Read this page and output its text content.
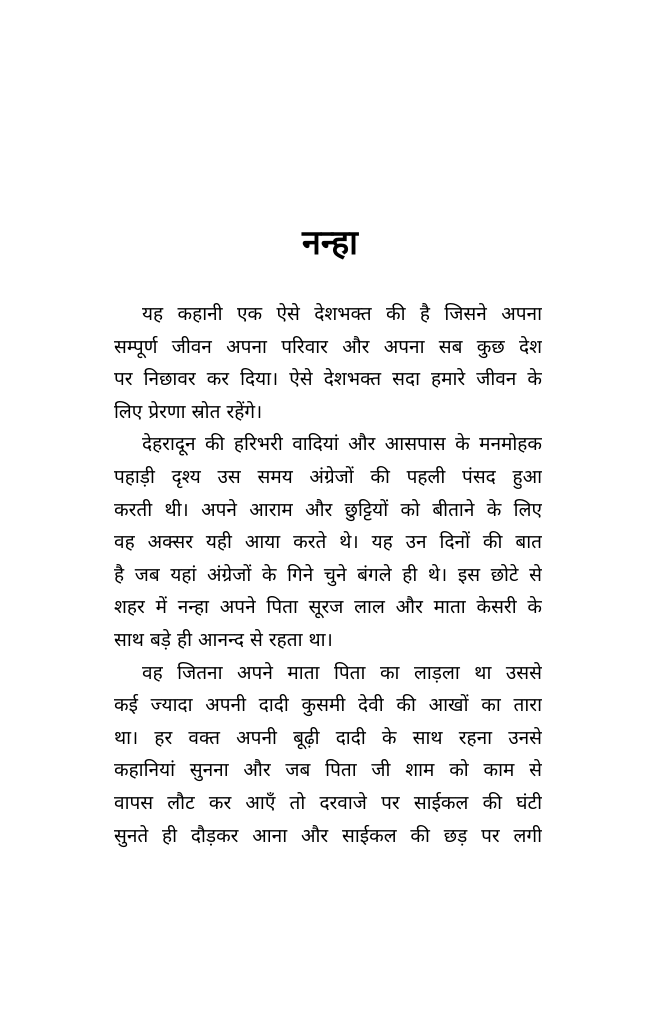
नन्हा
यह कहानी एक ऐसे देशभक्त की है जिसने अपना
सम्पूर्ण जीवन अपना परिवार और अपना सब कुछ देश
पर निछावर कर दिया। ऐसे देशभक्त सदा हमारे जीवन के
लिए प्रेरणा स्रोत रहेंगे।
देहरादून की हरिभरी वादियां और आसपास के मनमोहक
पहाड़ी दृश्य उस समय अंग्रेजों की पहली पंसद हुआ
करती थी। अपने आराम और छुट्टियों को बीताने के लिए
वह अक्सर यही आया करते थे। यह उन दिनों की बात
है जब यहां अंग्रेजों के गिने चुने बंगले ही थे। इस छोटे से
शहर में नन्हा अपने पिता सूरज लाल और माता केसरी के
साथ बड़े ही आनन्द से रहता था।
वह जितना अपने माता पिता का लाड़ला था उससे
कई ज्यादा अपनी दादी कुसमी देवी की आखों का तारा
था। हर वक्त अपनी बूढ़ी दादी के साथ रहना उनसे
कहानियां सुनना और जब पिता जी शाम को काम से
वापस लौट कर आएँ तो दरवाजे पर साईकल की घंटी
सुनते ही दौड़कर आना और साईकल की छड़ पर लगी
